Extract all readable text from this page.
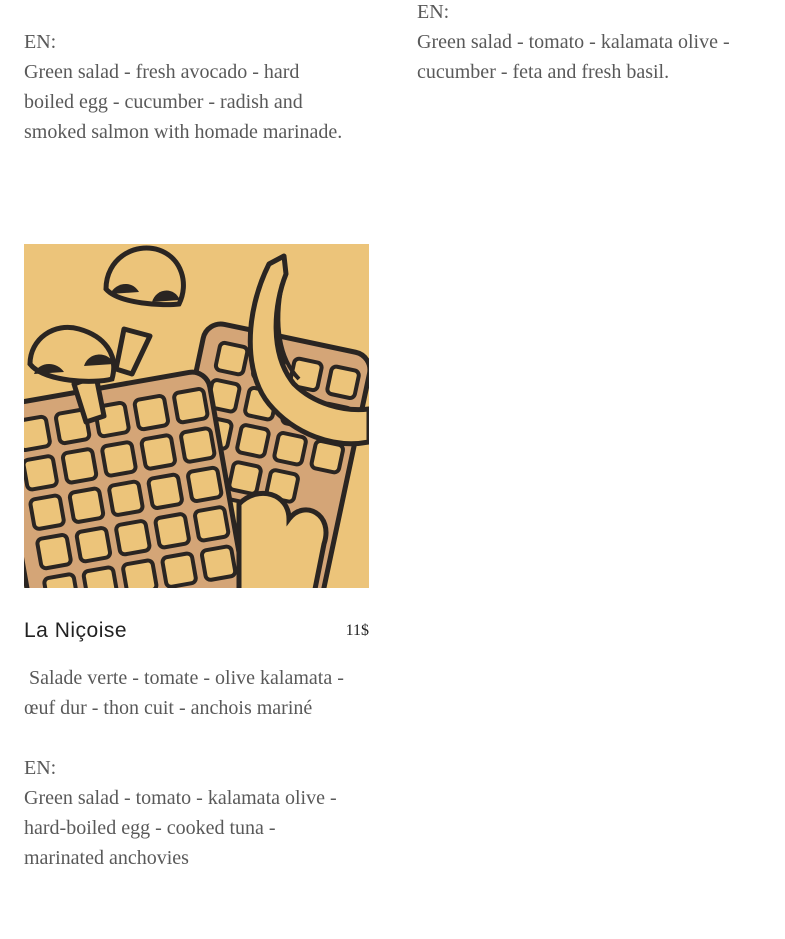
EN:

Green salad - fresh avocado - hard

boiled egg - cucumber - radish and

smoked salmon with homade marinade.

EN:

Green salad - tomato - kalamata olive -

cucumber - feta and fresh basil.

La Niçoise	11$

Salade verte - tomate - olive kalamata -

œuf dur - thon cuit - anchois mariné

EN:

Green salad - tomato - kalamata olive -

hard-boiled egg - cooked tuna -

marinated anchovies
